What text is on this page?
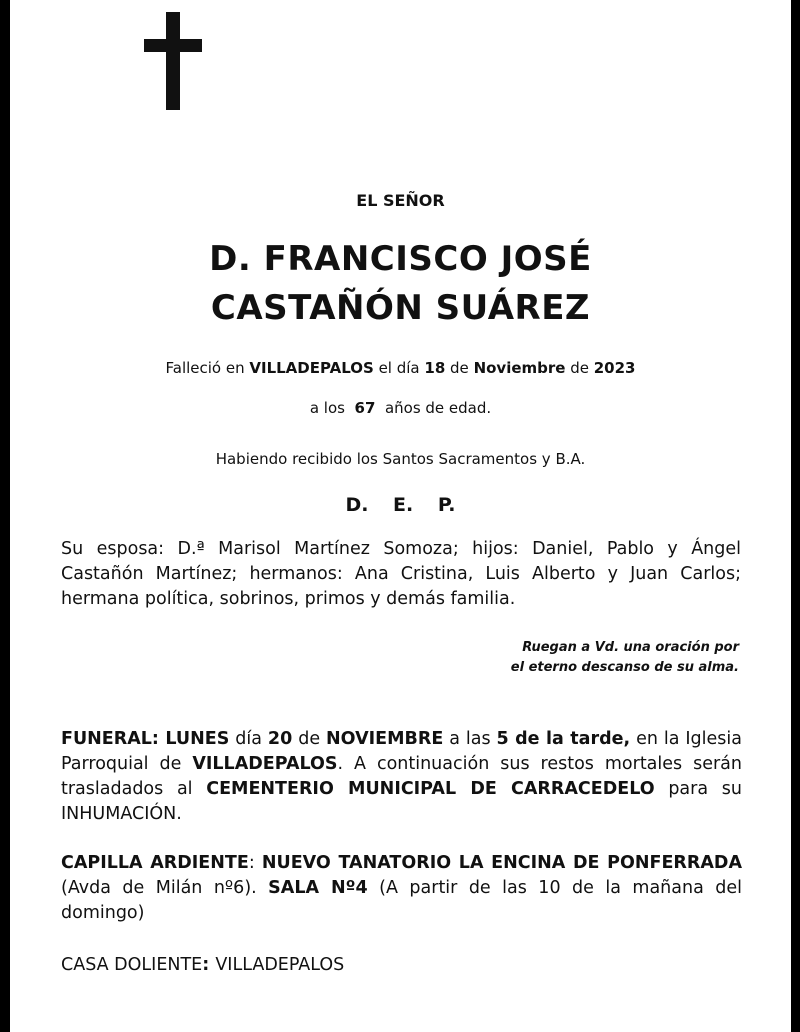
EL SEÑOR
D. FRANCISCO JOSÉ
CASTAÑÓN SUÁREZ
Falleció en VILLADEPALOS el día 18 de Noviembre de 2023
a los  67  años de edad.
Habiendo recibido los Santos Sacramentos y B.A.
D. E. P.
Su esposa: D.ª Marisol Martínez Somoza; hijos: Daniel, Pablo y Ángel Castañón Martínez; hermanos: Ana Cristina, Luis Alberto y Juan Carlos; hermana política, sobrinos, primos y demás familia.
Ruegan a Vd. una oración por
el eterno descanso de su alma.
FUNERAL: LUNES día 20 de NOVIEMBRE a las 5 de la tarde, en la Iglesia Parroquial de VILLADEPALOS. A continuación sus restos mortales serán trasladados al CEMENTERIO MUNICIPAL DE CARRACEDELO para su INHUMACIÓN.
CAPILLA ARDIENTE: NUEVO TANATORIO LA ENCINA DE PONFERRADA (Avda de Milán nº6). SALA Nº4 (A partir de las 10 de la mañana del domingo)
CASA DOLIENTE: VILLADEPALOS
